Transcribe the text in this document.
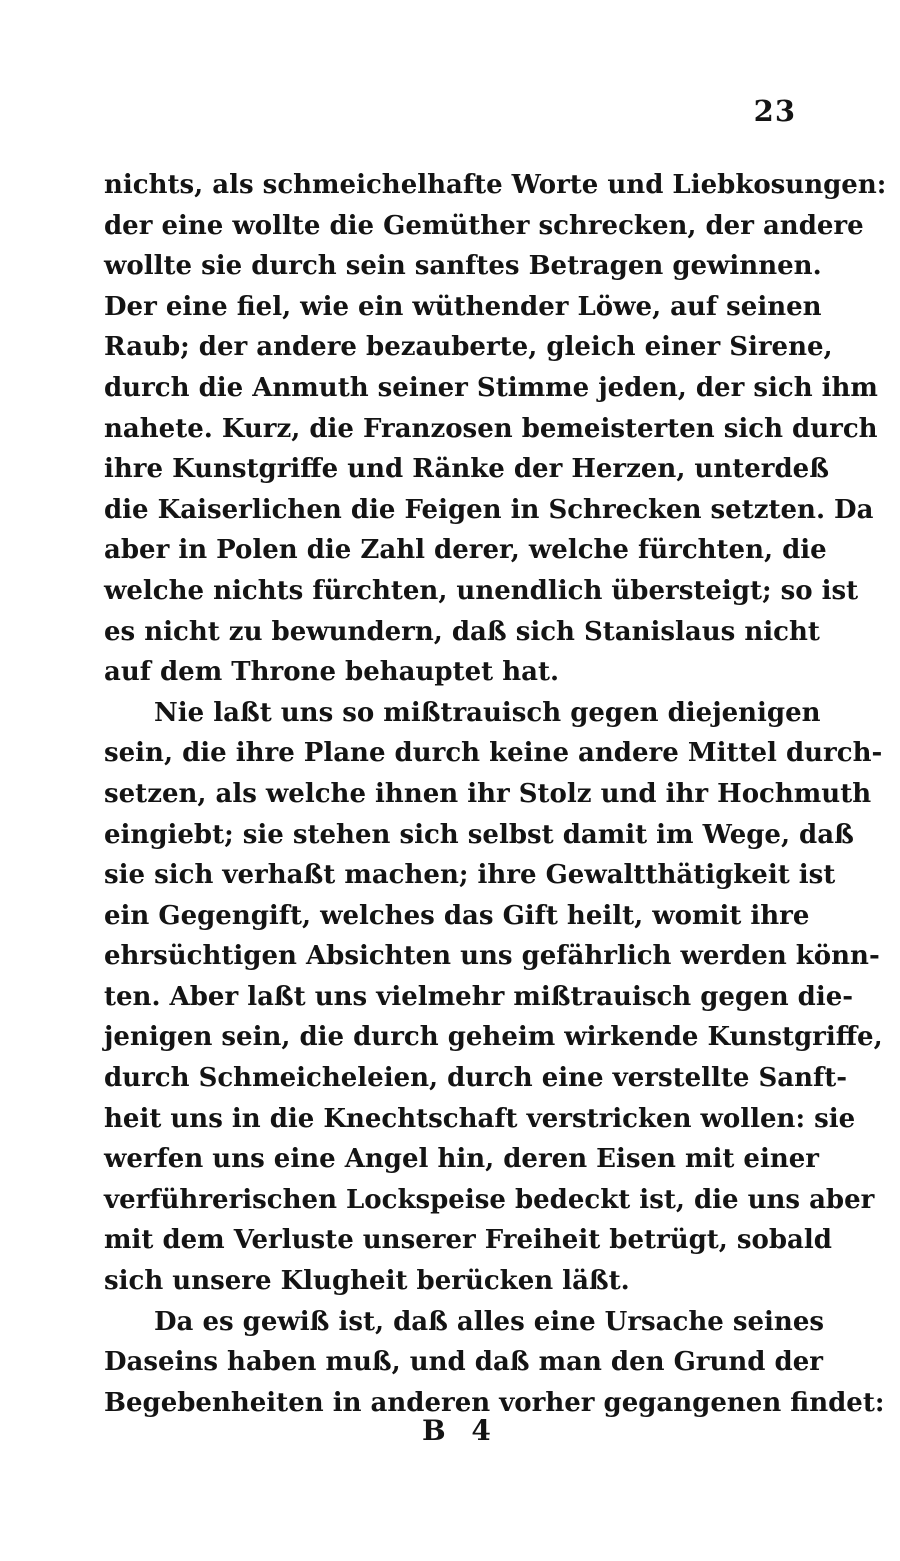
23
nichts, als schmeichelhafte Worte und Liebkosungen:
der eine wollte die Gemüther schrecken, der andere
wollte sie durch sein sanftes Betragen gewinnen.
Der eine fiel, wie ein wüthender Löwe, auf seinen
Raub; der andere bezauberte, gleich einer Sirene,
durch die Anmuth seiner Stimme jeden, der sich ihm
nahete. Kurz, die Franzosen bemeisterten sich durch
ihre Kunstgriffe und Ränke der Herzen, unterdeß
die Kaiserlichen die Feigen in Schrecken setzten. Da
aber in Polen die Zahl derer, welche fürchten, die
welche nichts fürchten, unendlich übersteigt; so ist
es nicht zu bewundern, daß sich Stanislaus nicht
auf dem Throne behauptet hat.
Nie laßt uns so mißtrauisch gegen diejenigen
sein, die ihre Plane durch keine andere Mittel durch-
setzen, als welche ihnen ihr Stolz und ihr Hochmuth
eingiebt; sie stehen sich selbst damit im Wege, daß
sie sich verhaßt machen; ihre Gewaltthätigkeit ist
ein Gegengift, welches das Gift heilt, womit ihre
ehrsüchtigen Absichten uns gefährlich werden könn-
ten. Aber laßt uns vielmehr mißtrauisch gegen die-
jenigen sein, die durch geheim wirkende Kunstgriffe,
durch Schmeicheleien, durch eine verstellte Sanft-
heit uns in die Knechtschaft verstricken wollen: sie
werfen uns eine Angel hin, deren Eisen mit einer
verführerischen Lockspeise bedeckt ist, die uns aber
mit dem Verluste unserer Freiheit betrügt, sobald
sich unsere Klugheit berücken läßt.
Da es gewiß ist, daß alles eine Ursache seines
Daseins haben muß, und daß man den Grund der
Begebenheiten in anderen vorher gegangenen findet:
B 4
